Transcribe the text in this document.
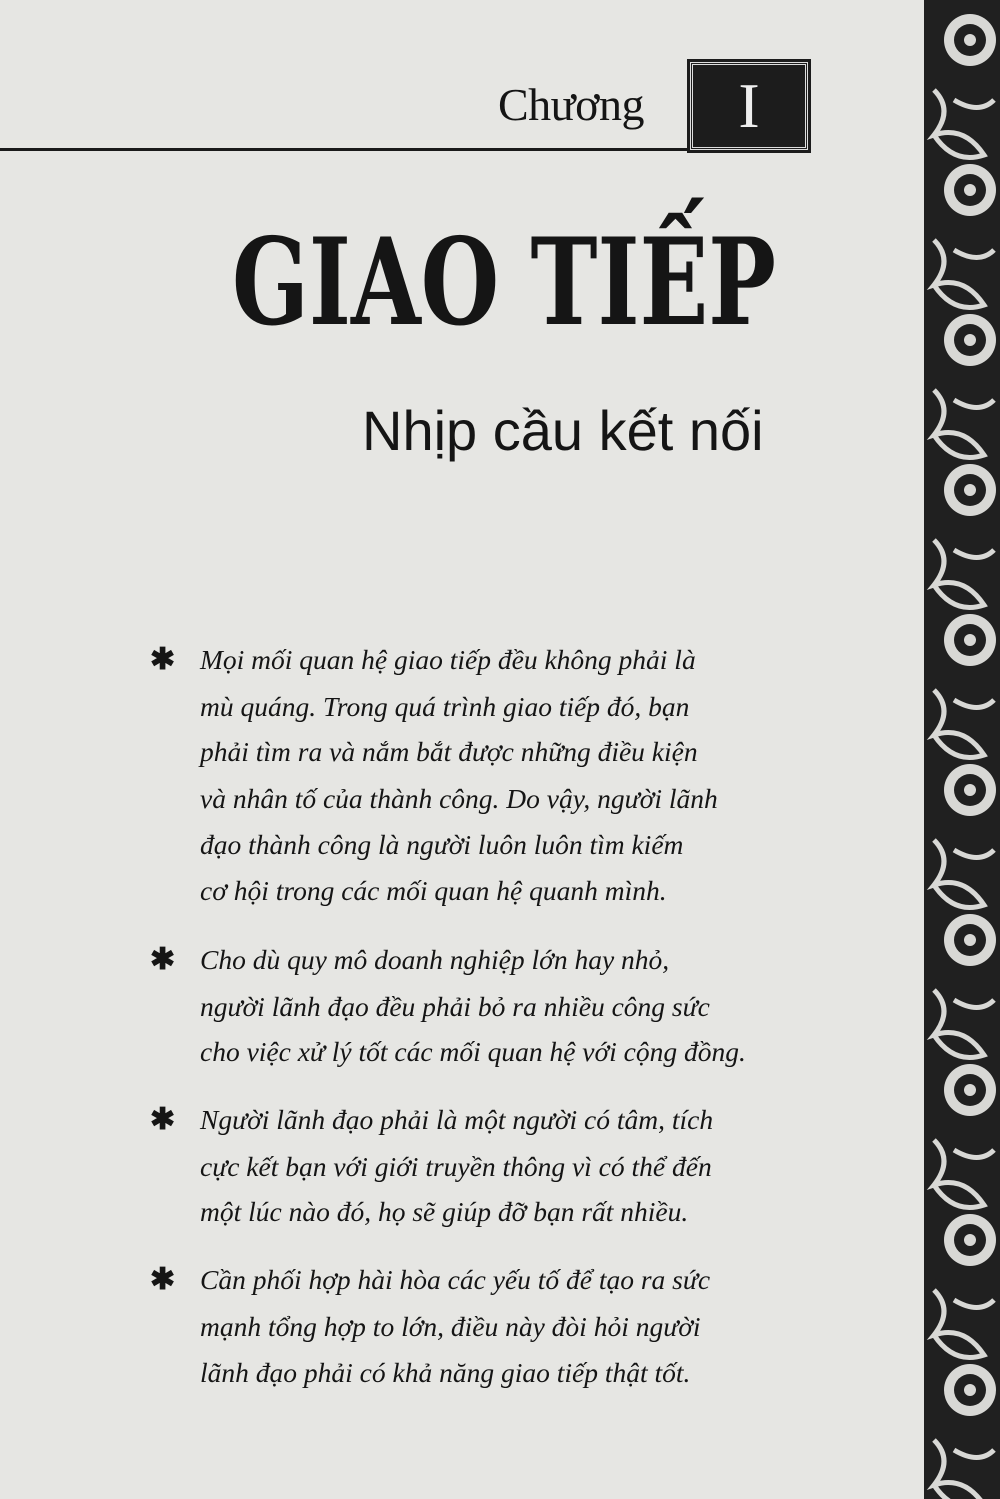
Chương I
GIAO TIẾP
Nhịp cầu kết nối
✱ Mọi mối quan hệ giao tiếp đều không phải là
mù quáng. Trong quá trình giao tiếp đó, bạn
phải tìm ra và nắm bắt được những điều kiện
và nhân tố của thành công. Do vậy, người lãnh
đạo thành công là người luôn luôn tìm kiếm
cơ hội trong các mối quan hệ quanh mình.
✱ Cho dù quy mô doanh nghiệp lớn hay nhỏ,
người lãnh đạo đều phải bỏ ra nhiều công sức
cho việc xử lý tốt các mối quan hệ với cộng đồng.
✱ Người lãnh đạo phải là một người có tâm, tích
cực kết bạn với giới truyền thông vì có thể đến
một lúc nào đó, họ sẽ giúp đỡ bạn rất nhiều.
✱ Cần phối hợp hài hòa các yếu tố để tạo ra sức
mạnh tổng hợp to lớn, điều này đòi hỏi người
lãnh đạo phải có khả năng giao tiếp thật tốt.
